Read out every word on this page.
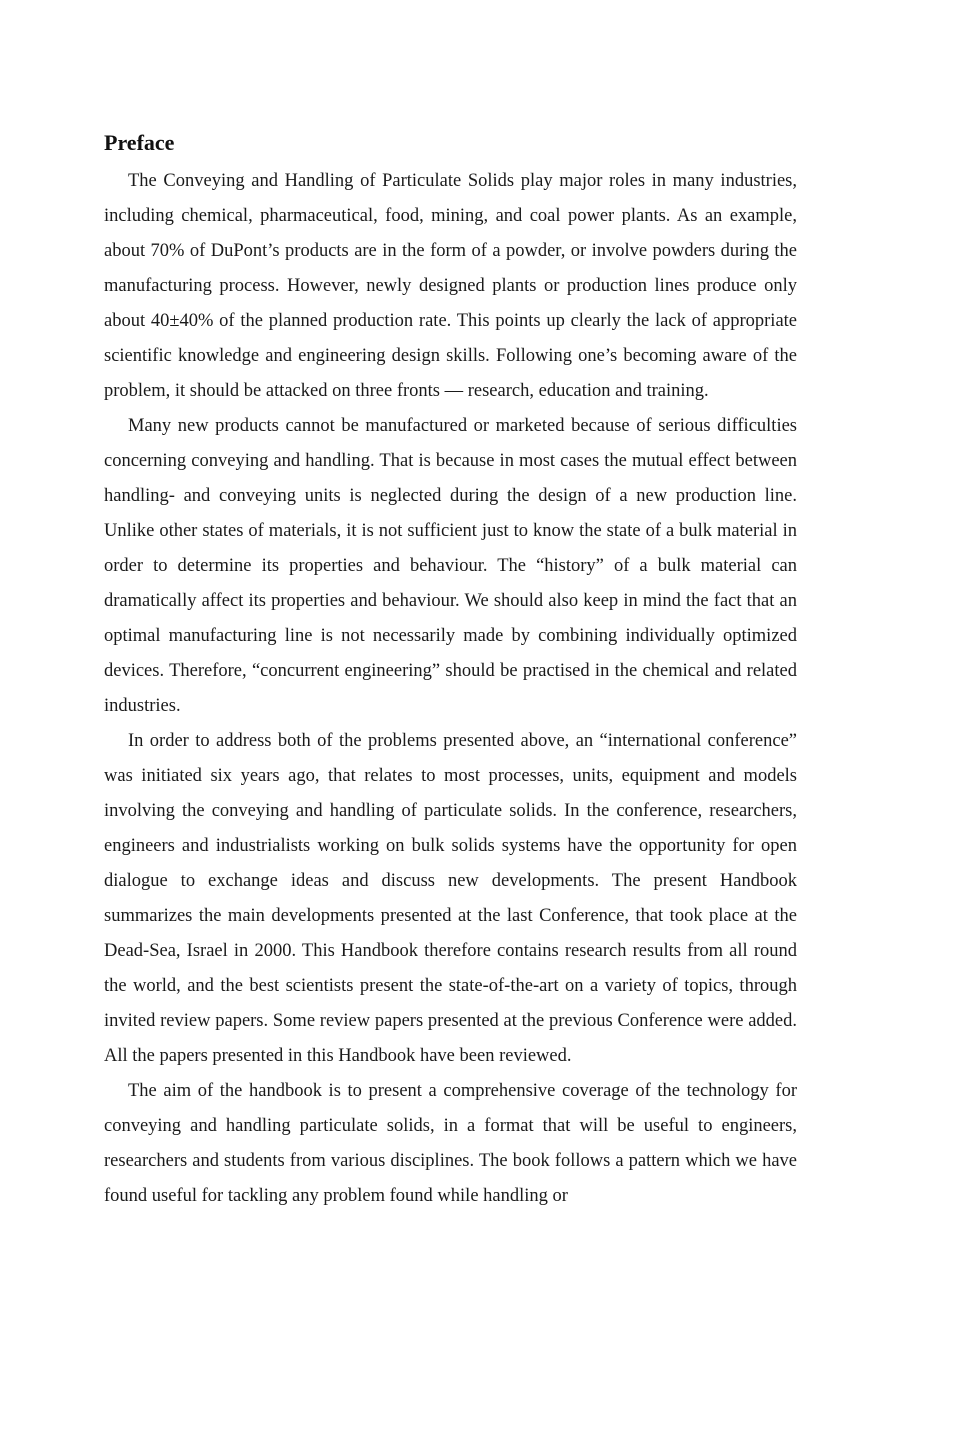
Preface

The Conveying and Handling of Particulate Solids play major roles in many industries, including chemical, pharmaceutical, food, mining, and coal power plants. As an example, about 70% of DuPont’s products are in the form of a powder, or involve powders during the manufacturing process. However, newly designed plants or production lines produce only about 40±40% of the planned production rate. This points up clearly the lack of appropriate scientific knowledge and engineering design skills. Following one’s becoming aware of the problem, it should be attacked on three fronts — research, education and training.

Many new products cannot be manufactured or marketed because of serious difficulties concerning conveying and handling. That is because in most cases the mutual effect between handling- and conveying units is neglected during the design of a new production line. Unlike other states of materials, it is not sufficient just to know the state of a bulk material in order to determine its properties and behaviour. The “history” of a bulk material can dramatically affect its properties and behaviour. We should also keep in mind the fact that an optimal manufacturing line is not necessarily made by combining individually optimized devices. Therefore, “concurrent engineering” should be practised in the chemical and related industries.

In order to address both of the problems presented above, an “international conference” was initiated six years ago, that relates to most processes, units, equipment and models involving the conveying and handling of particulate solids. In the conference, researchers, engineers and industrialists working on bulk solids systems have the opportunity for open dialogue to exchange ideas and discuss new developments. The present Handbook summarizes the main developments presented at the last Conference, that took place at the Dead-Sea, Israel in 2000. This Handbook therefore contains research results from all round the world, and the best scientists present the state-of-the-art on a variety of topics, through invited review papers. Some review papers presented at the previous Conference were added. All the papers presented in this Handbook have been reviewed.

The aim of the handbook is to present a comprehensive coverage of the technology for conveying and handling particulate solids, in a format that will be useful to engineers, researchers and students from various disciplines. The book follows a pattern which we have found useful for tackling any problem found while handling or
